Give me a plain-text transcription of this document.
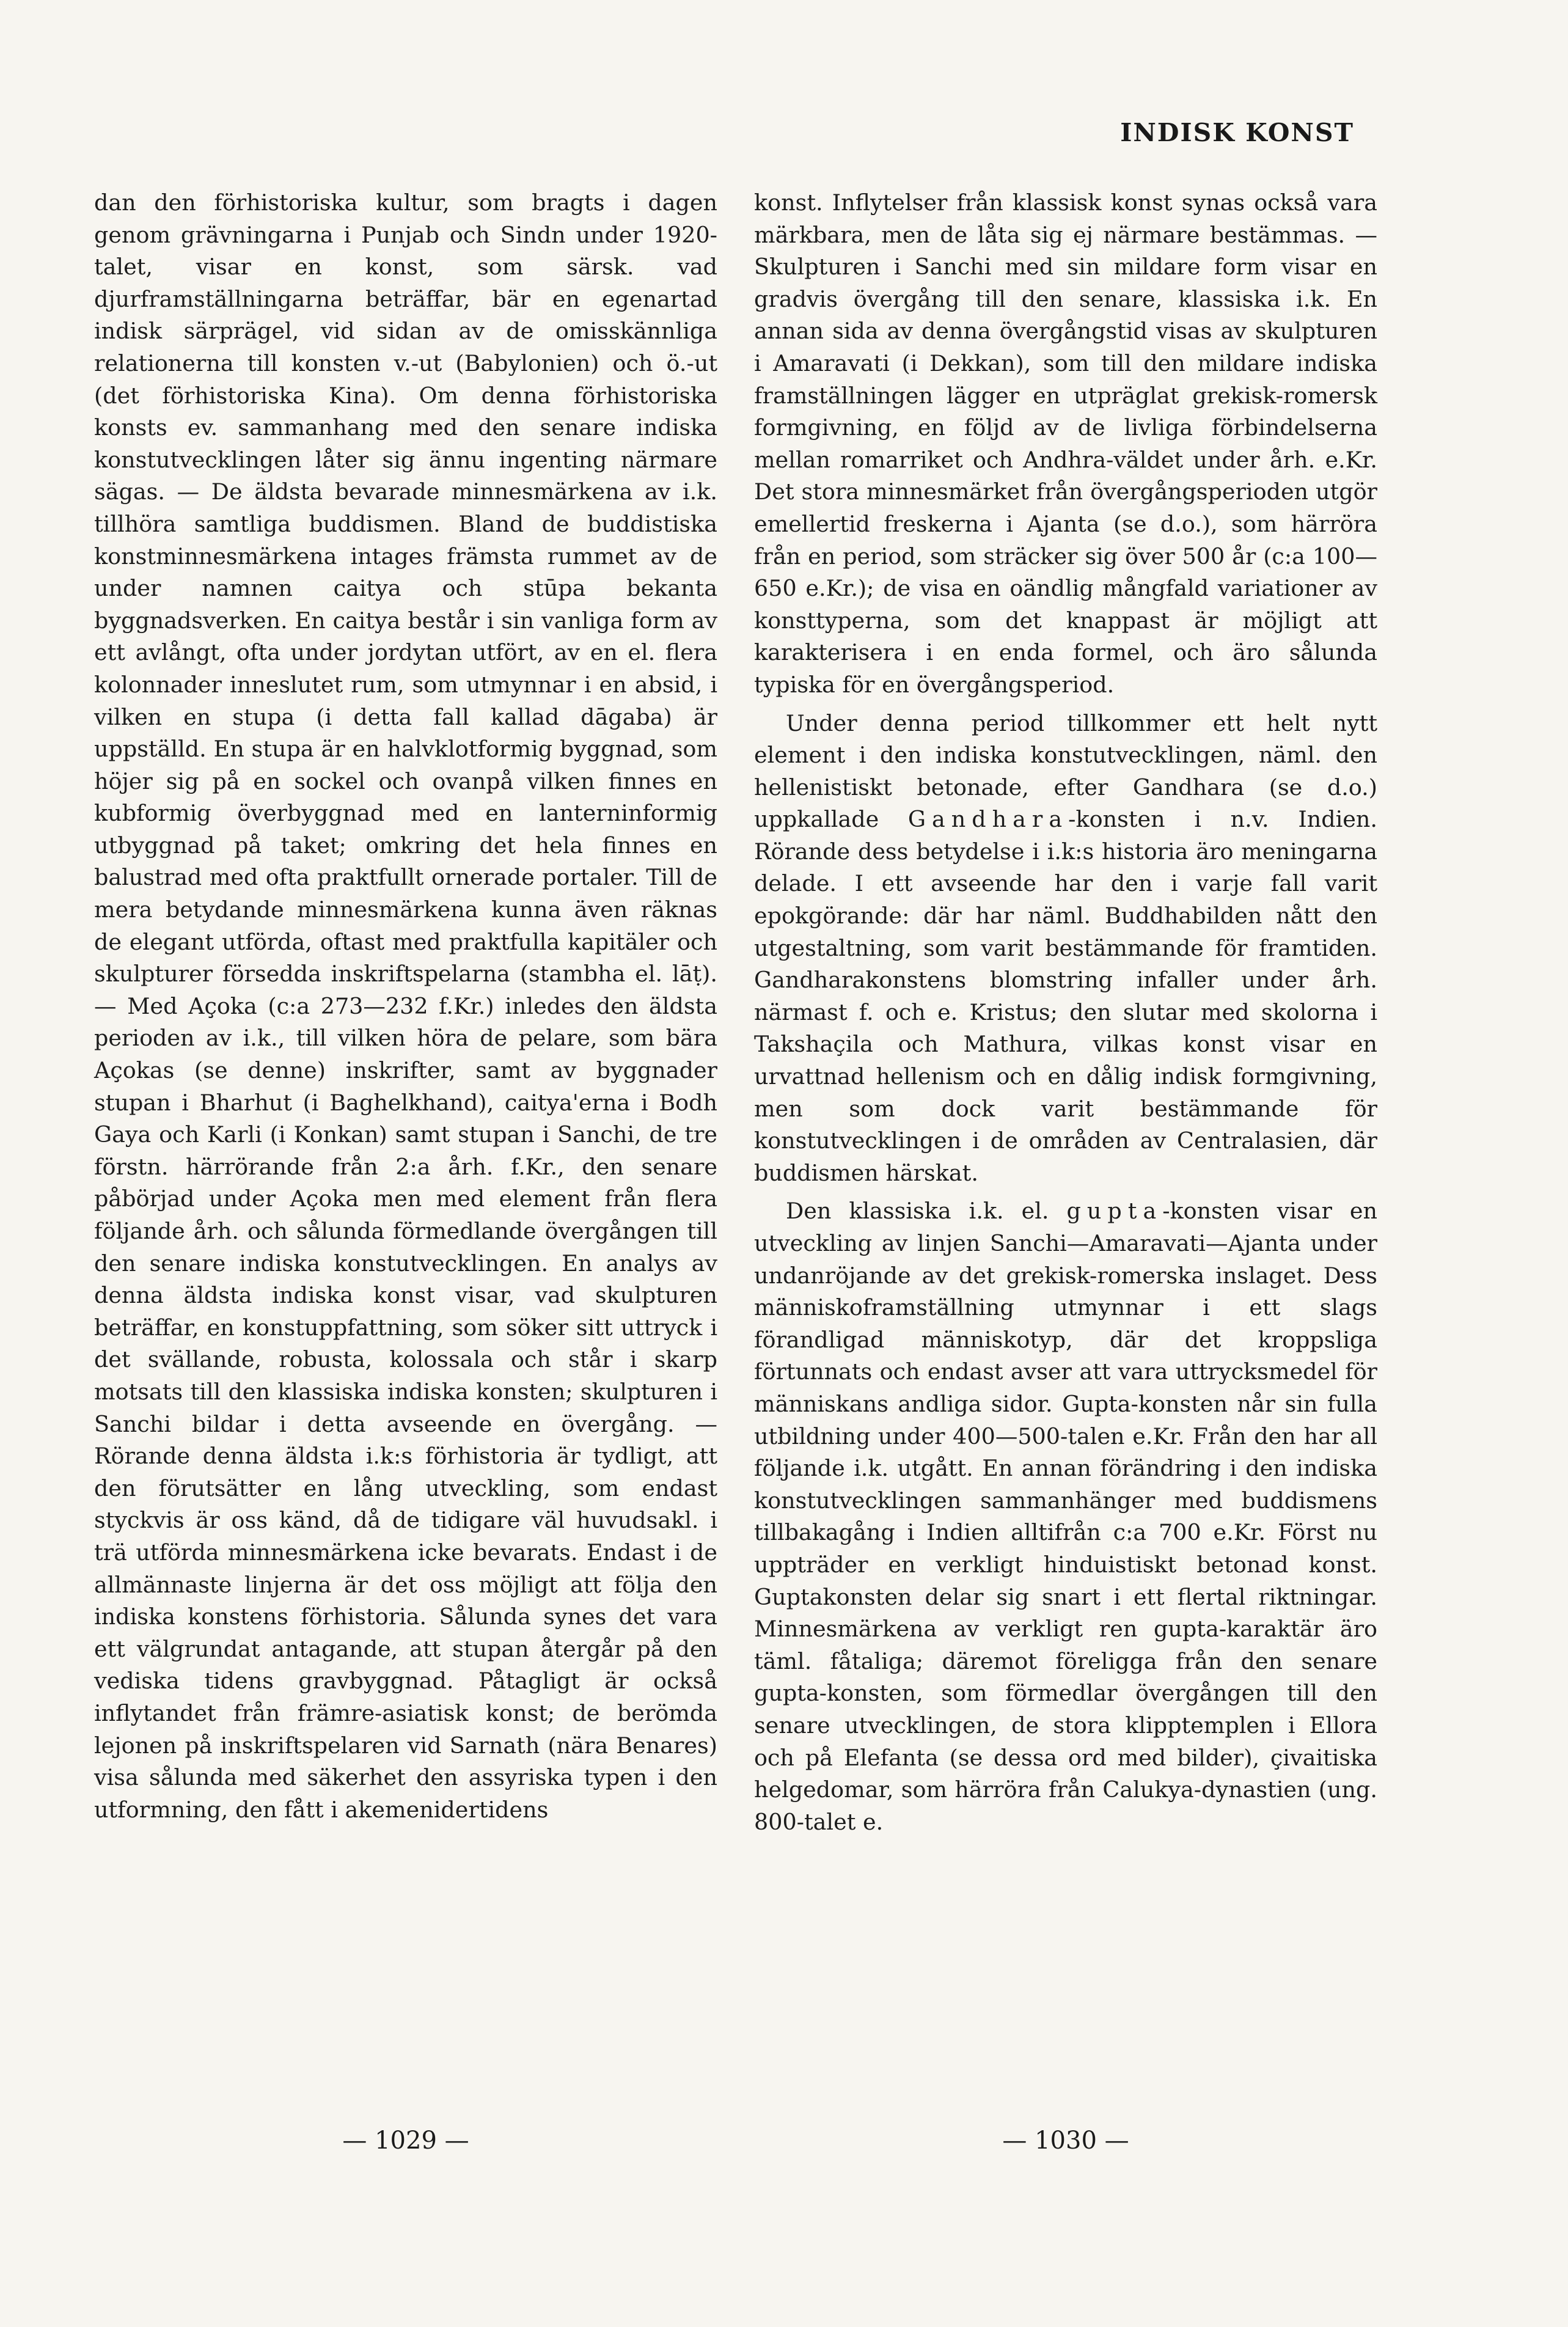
INDISK KONST

dan den förhistoriska kultur, som bragts i dagen genom grävningarna i Punjab och Sindn under 1920-talet, visar en konst, som särsk. vad djurframställningarna beträffar, bär en egenartad indisk särprägel, vid sidan av de omisskännliga relationerna till konsten v.-ut (Babylonien) och ö.-ut (det förhistoriska Kina). Om denna förhistoriska konsts ev. sammanhang med den senare indiska konstutvecklingen låter sig ännu ingenting närmare sägas. — De äldsta bevarade minnesmärkena av i.k. tillhöra samtliga buddismen. Bland de buddistiska konstminnesmärkena intages främsta rummet av de under namnen caitya och stūpa bekanta byggnadsverken. En caitya består i sin vanliga form av ett avlångt, ofta under jordytan utfört, av en el. flera kolonnader inneslutet rum, som utmynnar i en absid, i vilken en stupa (i detta fall kallad dāgaba) är uppställd. En stupa är en halvklotformig byggnad, som höjer sig på en sockel och ovanpå vilken finnes en kubformig överbyggnad med en lanterninformig utbyggnad på taket; omkring det hela finnes en balustrad med ofta praktfullt ornerade portaler. Till de mera betydande minnesmärkena kunna även räknas de elegant utförda, oftast med praktfulla kapitäler och skulpturer försedda inskriftspelarna (stambha el. lāṭ). — Med Açoka (c:a 273—232 f.Kr.) inledes den äldsta perioden av i.k., till vilken höra de pelare, som bära Açokas (se denne) inskrifter, samt av byggnader stupan i Bharhut (i Baghelkhand), caitya'erna i Bodh Gaya och Karli (i Konkan) samt stupan i Sanchi, de tre förstn. härrörande från 2:a årh. f.Kr., den senare påbörjad under Açoka men med element från flera följande årh. och sålunda förmedlande övergången till den senare indiska konstutvecklingen. En analys av denna äldsta indiska konst visar, vad skulpturen beträffar, en konstuppfattning, som söker sitt uttryck i det svällande, robusta, kolossala och står i skarp motsats till den klassiska indiska konsten; skulpturen i Sanchi bildar i detta avseende en övergång. — Rörande denna äldsta i.k:s förhistoria är tydligt, att den förutsätter en lång utveckling, som endast styckvis är oss känd, då de tidigare väl huvudsakl. i trä utförda minnesmärkena icke bevarats. Endast i de allmännaste linjerna är det oss möjligt att följa den indiska konstens förhistoria. Sålunda synes det vara ett välgrundat antagande, att stupan återgår på den vediska tidens gravbyggnad. Påtagligt är också inflytandet från främre-asiatisk konst; de berömda lejonen på inskriftspelaren vid Sarnath (nära Benares) visa sålunda med säkerhet den assyriska typen i den utformning, den fått i akemenidertidens

konst. Inflytelser från klassisk konst synas också vara märkbara, men de låta sig ej närmare bestämmas. — Skulpturen i Sanchi med sin mildare form visar en gradvis övergång till den senare, klassiska i.k. En annan sida av denna övergångstid visas av skulpturen i Amaravati (i Dekkan), som till den mildare indiska framställningen lägger en utpräglat grekisk-romersk formgivning, en följd av de livliga förbindelserna mellan romarriket och Andhra-väldet under årh. e.Kr. Det stora minnesmärket från övergångsperioden utgör emellertid freskerna i Ajanta (se d.o.), som härröra från en period, som sträcker sig över 500 år (c:a 100—650 e.Kr.); de visa en oändlig mångfald variationer av konsttyperna, som det knappast är möjligt att karakterisera i en enda formel, och äro sålunda typiska för en övergångsperiod.

Under denna period tillkommer ett helt nytt element i den indiska konstutvecklingen, näml. den hellenistiskt betonade, efter Gandhara (se d.o.) uppkallade Gandhara-konsten i n.v. Indien. Rörande dess betydelse i i.k:s historia äro meningarna delade. I ett avseende har den i varje fall varit epokgörande: där har näml. Buddhabilden nått den utgestaltning, som varit bestämmande för framtiden. Gandharakonstens blomstring infaller under årh. närmast f. och e. Kristus; den slutar med skolorna i Takshaçila och Mathura, vilkas konst visar en urvattnad hellenism och en dålig indisk formgivning, men som dock varit bestämmande för konstutvecklingen i de områden av Centralasien, där buddismen härskat.

Den klassiska i.k. el. gupta-konsten visar en utveckling av linjen Sanchi—Amaravati—Ajanta under undanröjande av det grekisk-romerska inslaget. Dess människoframställning utmynnar i ett slags förandligad människotyp, där det kroppsliga förtunnats och endast avser att vara uttrycksmedel för människans andliga sidor. Gupta-konsten når sin fulla utbildning under 400—500-talen e.Kr. Från den har all följande i.k. utgått. En annan förändring i den indiska konstutvecklingen sammanhänger med buddismens tillbakagång i Indien alltifrån c:a 700 e.Kr. Först nu uppträder en verkligt hinduistiskt betonad konst. Guptakonsten delar sig snart i ett flertal riktningar. Minnesmärkena av verkligt ren gupta-karaktär äro täml. fåtaliga; däremot föreligga från den senare gupta-konsten, som förmedlar övergången till den senare utvecklingen, de stora klipptemplen i Ellora och på Elefanta (se dessa ord med bilder), çivaitiska helgedomar, som härröra från Calukya-dynastien (ung. 800-talet e.

— 1029 —	— 1030 —
